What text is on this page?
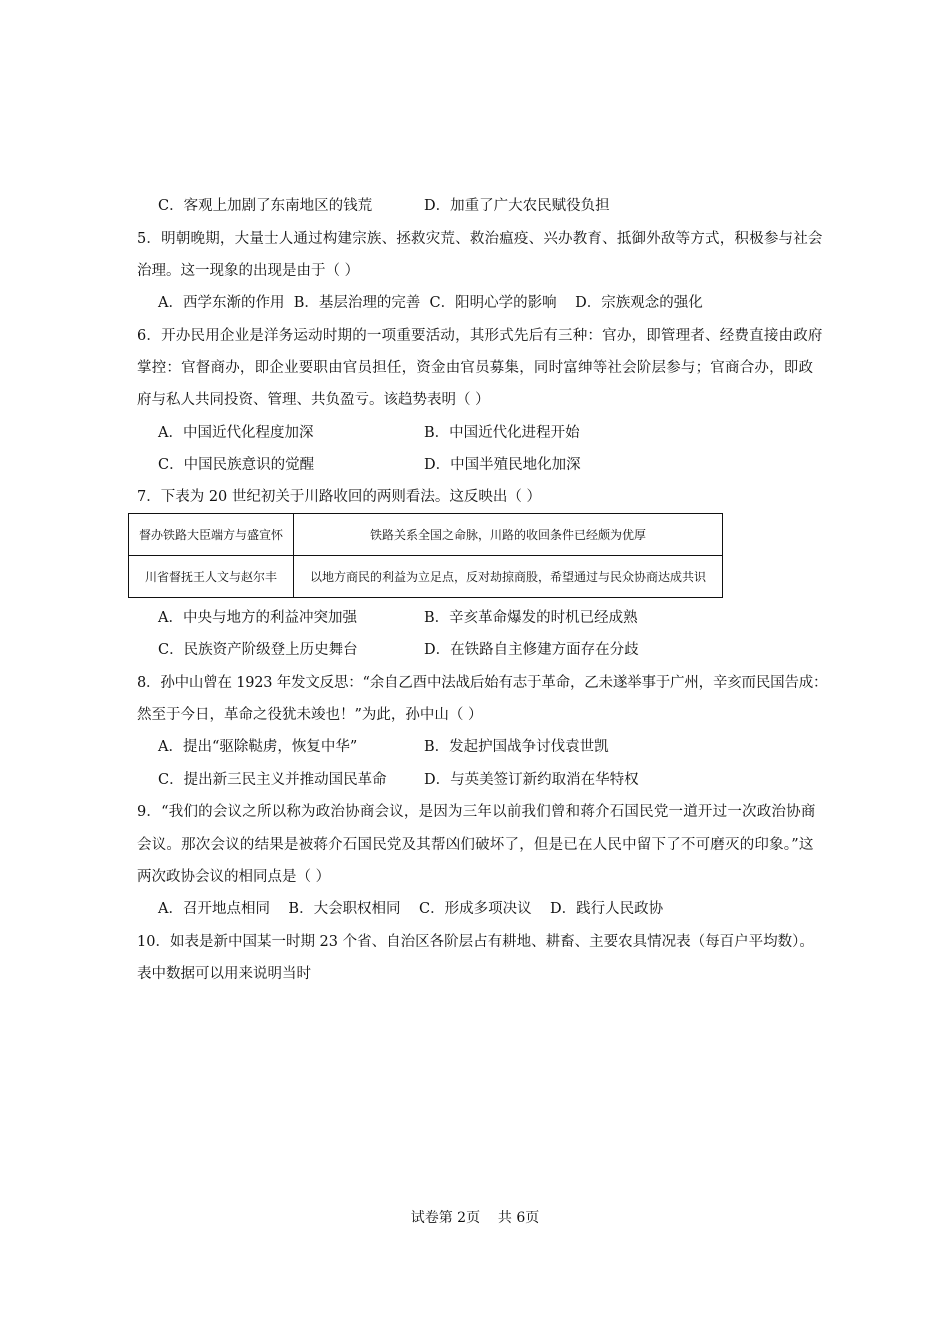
C．客观上加剧了东南地区的钱荒	D．加重了广大农民赋役负担
5．明朝晚期，大量士人通过构建宗族、拯救灾荒、救治瘟疫、兴办教育、抵御外敌等方式，积极参与社会
治理。这一现象的出现是由于（ ）
A．西学东渐的作用  B．基层治理的完善  C．阳明心学的影响    D．宗族观念的强化
6．开办民用企业是洋务运动时期的一项重要活动，其形式先后有三种：官办，即管理者、经费直接由政府
掌控：官督商办，即企业要职由官员担任，资金由官员募集，同时富绅等社会阶层参与；官商合办，即政
府与私人共同投资、管理、共负盈亏。该趋势表明（ ）
A．中国近代化程度加深	B．中国近代化进程开始
C．中国民族意识的觉醒	D．中国半殖民地化加深
7．下表为 20 世纪初关于川路收回的两则看法。这反映出（ ）
督办铁路大臣端方与盛宣怀	铁路关系全国之命脉，川路的收回条件已经颇为优厚
川省督抚王人文与赵尔丰	以地方商民的利益为立足点，反对劫掠商股，希望通过与民众协商达成共识
A．中央与地方的利益冲突加强	B．辛亥革命爆发的时机已经成熟
C．民族资产阶级登上历史舞台	D．在铁路自主修建方面存在分歧
8．孙中山曾在 1923 年发文反思：“余自乙酉中法战后始有志于革命，乙未遂举事于广州，辛亥而民国告成：
然至于今日，革命之役犹未竣也！”为此，孙中山（ ）
A．提出“驱除鞑虏，恢复中华”	B．发起护国战争讨伐袁世凯
C．提出新三民主义并推动国民革命	D．与英美签订新约取消在华特权
9．“我们的会议之所以称为政治协商会议，是因为三年以前我们曾和蒋介石国民党一道开过一次政治协商
会议。那次会议的结果是被蒋介石国民党及其帮凶们破坏了，但是已在人民中留下了不可磨灭的印象。”这
两次政协会议的相同点是（ ）
A．召开地点相同    B．大会职权相同    C．形成多项决议    D．践行人民政协
10．如表是新中国某一时期 23 个省、自治区各阶层占有耕地、耕畜、主要农具情况表（每百户平均数）。
表中数据可以用来说明当时
试卷第 2页    共 6页
